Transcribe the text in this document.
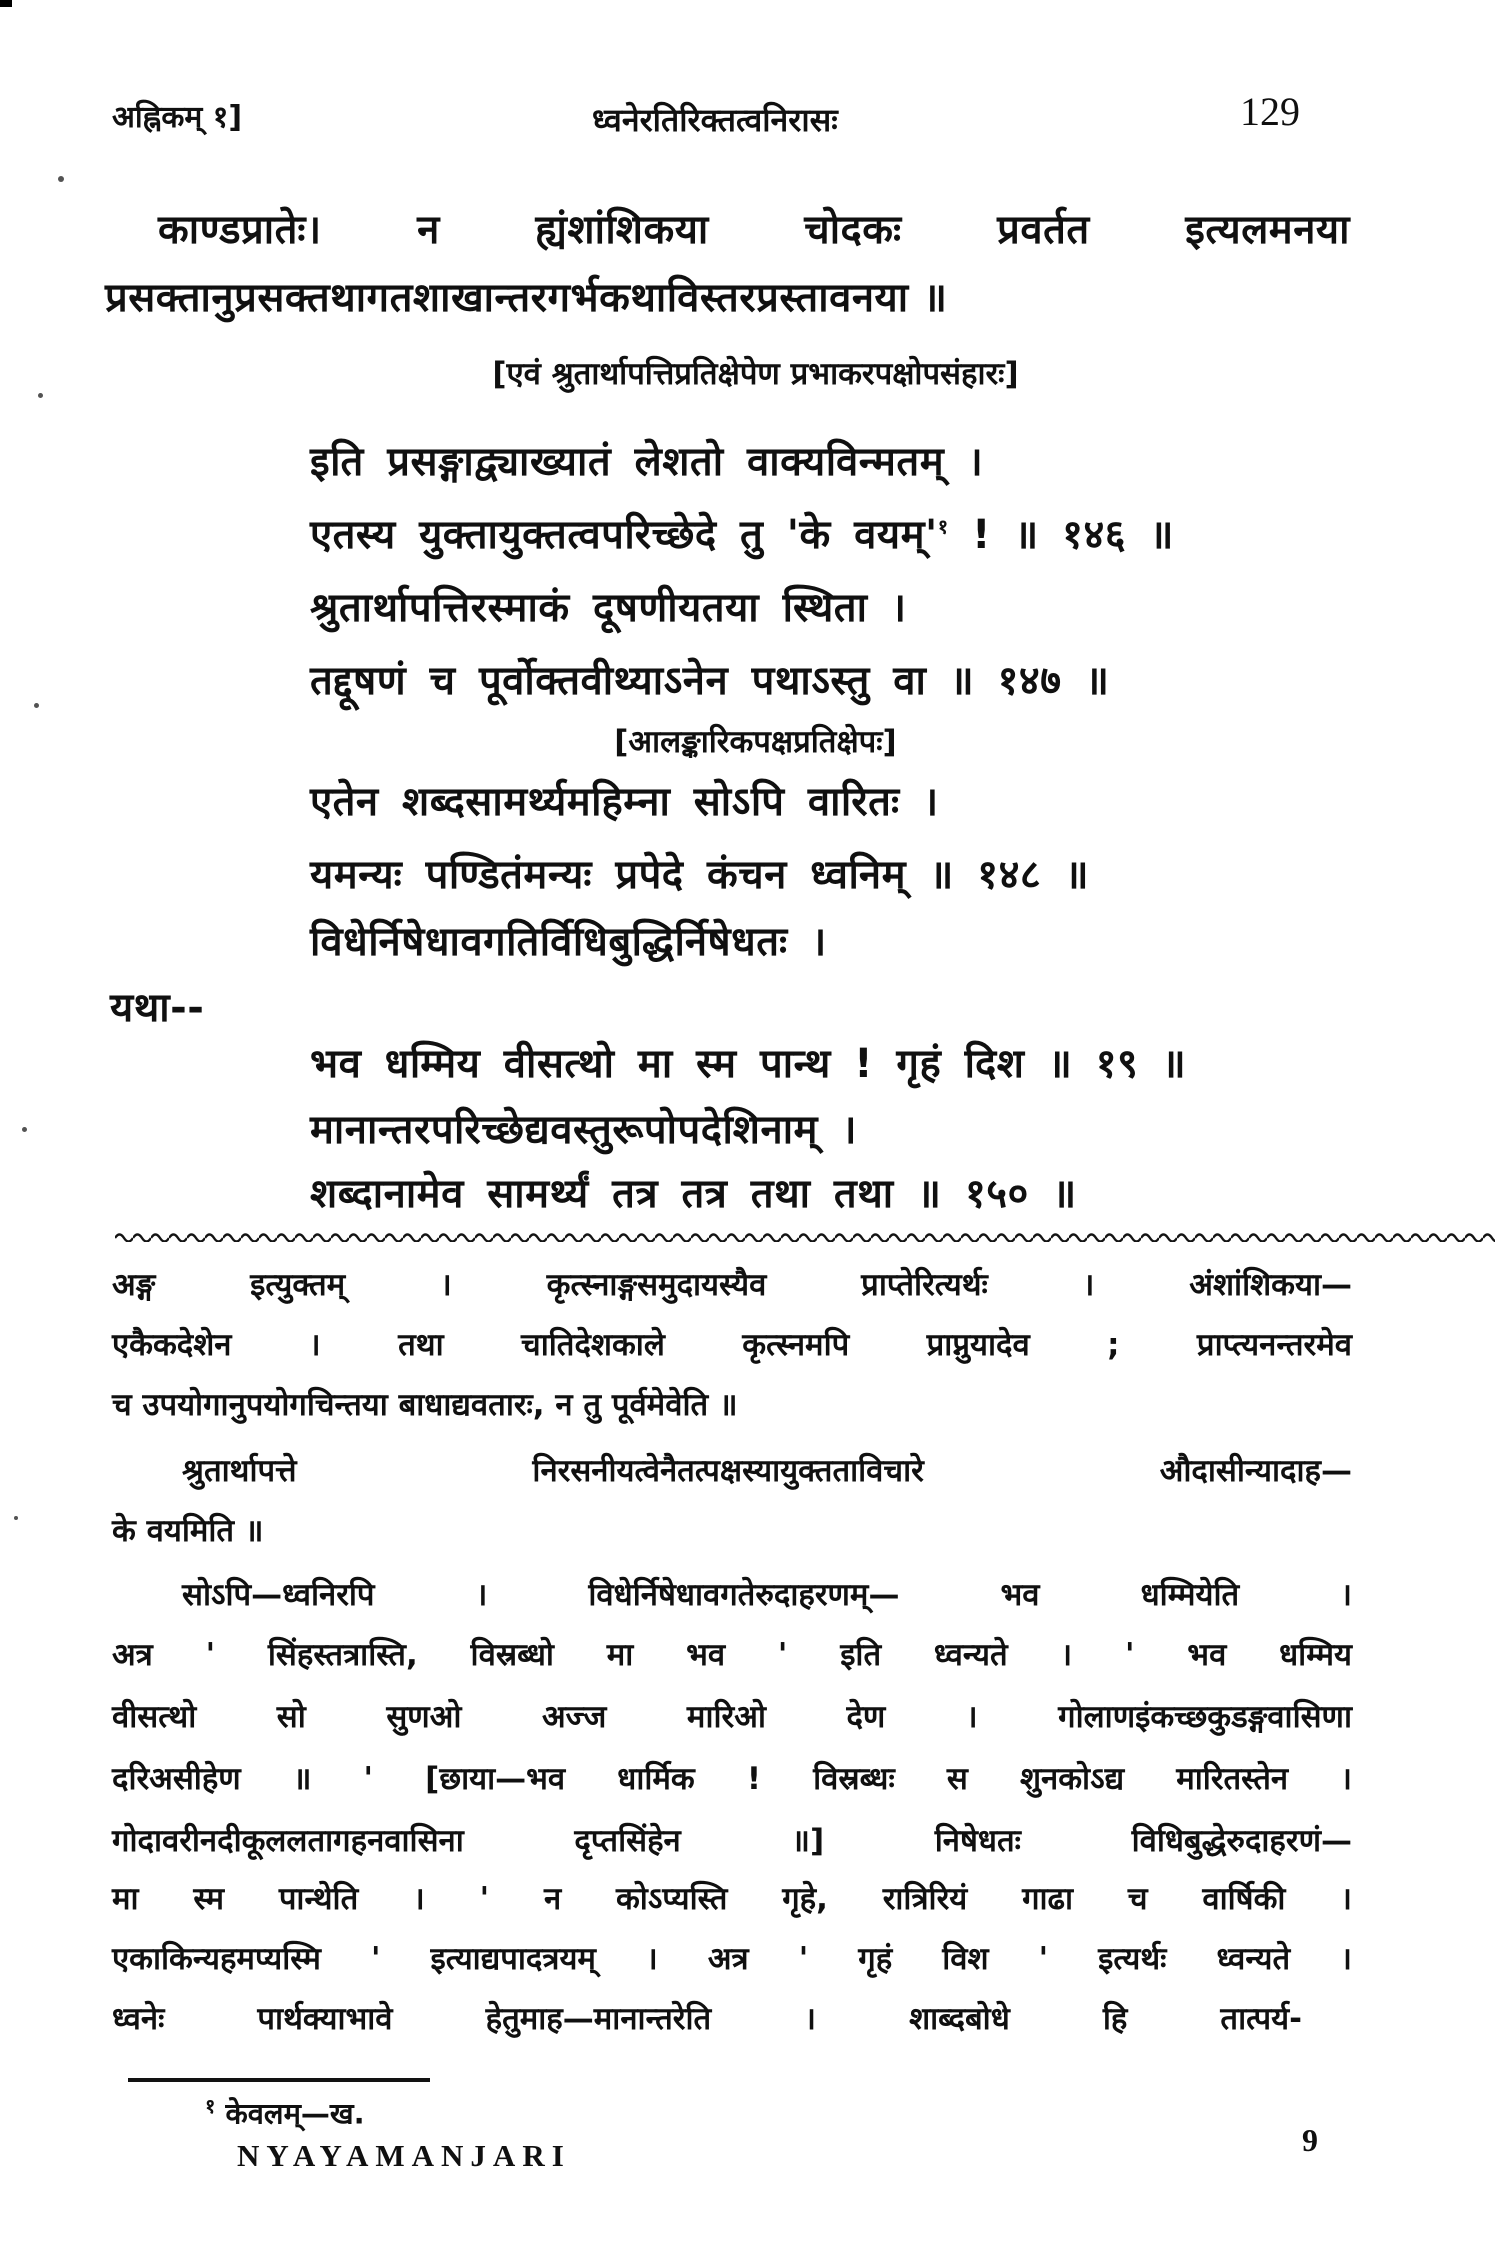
अह्निकम् १]	ध्वनेरतिरिक्तत्वनिरासः	129
काण्डप्रातेः। न ह्यंशांशिकया चोदकः प्रवर्तत इत्यलमनया
प्रसक्तानुप्रसक्तथागतशाखान्तरगर्भकथाविस्तरप्रस्तावनया ॥
[एवं श्रुतार्थापत्तिप्रतिक्षेपेण प्रभाकरपक्षोपसंहारः]
इति प्रसङ्गाद्व्याख्यातं लेशतो वाक्यविन्मतम् ।
एतस्य युक्तायुक्तत्वपरिच्छेदे तु 'के $वयम्'^१$ ! ॥ १४६ ॥
श्रुतार्थापत्तिरस्माकं दूषणीयतया स्थिता ।
तद्दूषणं च पूर्वोक्तवीथ्याऽनेन पथाऽस्तु वा ॥ १४७ ॥
[आलङ्कारिकपक्षप्रतिक्षेपः]
एतेन शब्दसामर्थ्यमहिम्ना सोऽपि वारितः ।
यमन्यः पण्डितंमन्यः प्रपेदे कंचन ध्वनिम् ॥ १४८ ॥
विधेर्निषेधावगतिर्विधिबुद्धिर्निषेधतः ।
यथा--
भव धम्मिय वीसत्थो मा स्म पान्थ ! गृहं दिश ॥ १९ ॥
मानान्तरपरिच्छेद्यवस्तुरूपोपदेशिनाम् ।
शब्दानामेव सामर्थ्यं तत्र तत्र तथा तथा ॥ १५० ॥
अङ्ग इत्युक्तम् । कृत्स्नाङ्गसमुदायस्यैव प्राप्तेरित्यर्थः । अंशांशिकया—
एकैकदेशेन । तथा चातिदेशकाले कृत्स्नमपि प्राप्नुयादेव ; प्राप्त्यनन्तरमेव
च उपयोगानुपयोगचिन्तया बाधाद्यवतारः, न तु पूर्वमेवेति ॥
श्रुतार्थापत्ते निरसनीयत्वेनैतत्पक्षस्यायुक्तताविचारे औदासीन्यादाह—
के वयमिति ॥
सोऽपि—ध्वनिरपि । विधेर्निषेधावगतेरुदाहरणम्— भव धम्मियेति ।
अत्र ' सिंहस्तत्रास्ति, विस्रब्धो मा भव ' इति ध्वन्यते । ' भव धम्मिय
वीसत्थो सो सुणओ अज्ज मारिओ देण । गोलाणइंकच्छकुडङ्गवासिणा
दरिअसीहेण ॥ ' [छाया—भव धार्मिक ! विस्रब्धः स शुनकोऽद्य मारितस्तेन ।
गोदावरीनदीकूललतागहनवासिना दृप्तसिंहेन ॥] निषेधतः विधिबुद्धेरुदाहरणं—
मा स्म पान्थेति । ' न कोऽप्यस्ति गृहे, रात्रिरियं गाढा च वार्षिकी ।
एकाकिन्यहमप्यस्मि ' इत्याद्यपादत्रयम् । अत्र ' गृहं विश ' इत्यर्थः ध्वन्यते ।
ध्वनेः पार्थक्याभावे हेतुमाह—मानान्तरेति । शाब्दबोधे हि तात्पर्य-
$^१$ केवलम्—ख.
NYAYAMANJARI	9
